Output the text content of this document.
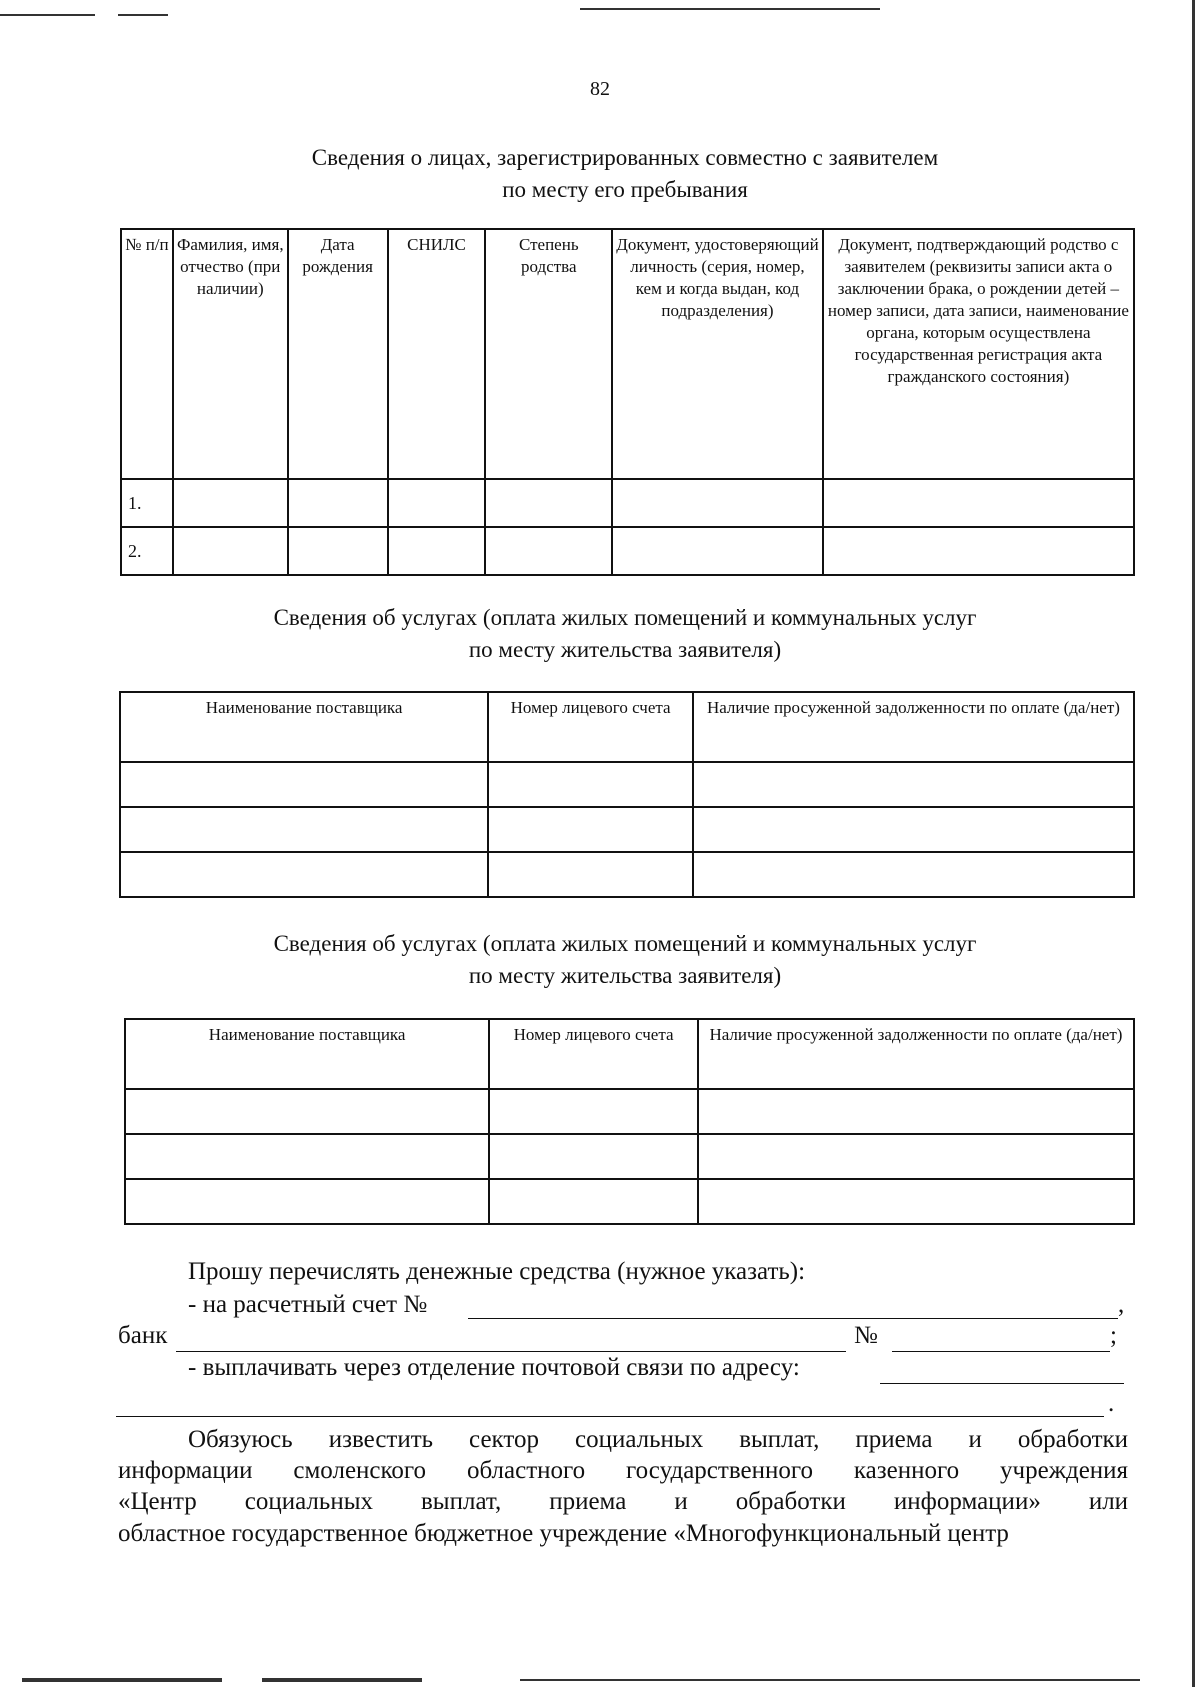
82
Сведения о лицах, зарегистрированных совместно с заявителем
по месту его пребывания
№ п/п	Фамилия, имя, отчество (при наличии)	Дата рождения	СНИЛС	Степень родства	Документ, удостоверяющий личность (серия, номер, кем и когда выдан, код подразделения)	Документ, подтверждающий родство с заявителем (реквизиты записи акта о заключении брака, о рождении детей – номер записи, дата записи, наименование органа, которым осуществлена государственная регистрация акта гражданского состояния)
1.						
2.						
Сведения об услугах (оплата жилых помещений и коммунальных услуг
по месту жительства заявителя)
Наименование поставщика	Номер лицевого счета	Наличие просуженной задолженности по оплате (да/нет)

Сведения об услугах (оплата жилых помещений и коммунальных услуг
по месту жительства заявителя)
Наименование поставщика	Номер лицевого счета	Наличие просуженной задолженности по оплате (да/нет)

Прошу перечислять денежные средства (нужное указать):
- на расчетный счет №	,
банк	№	;
- выплачивать через отделение почтовой связи по адресу:
.
Обязуюсь известить сектор социальных выплат, приема и обработки
информации смоленского областного государственного казенного учреждения
«Центр социальных выплат, приема и обработки информации» или
областное государственное бюджетное учреждение «Многофункциональный центр
